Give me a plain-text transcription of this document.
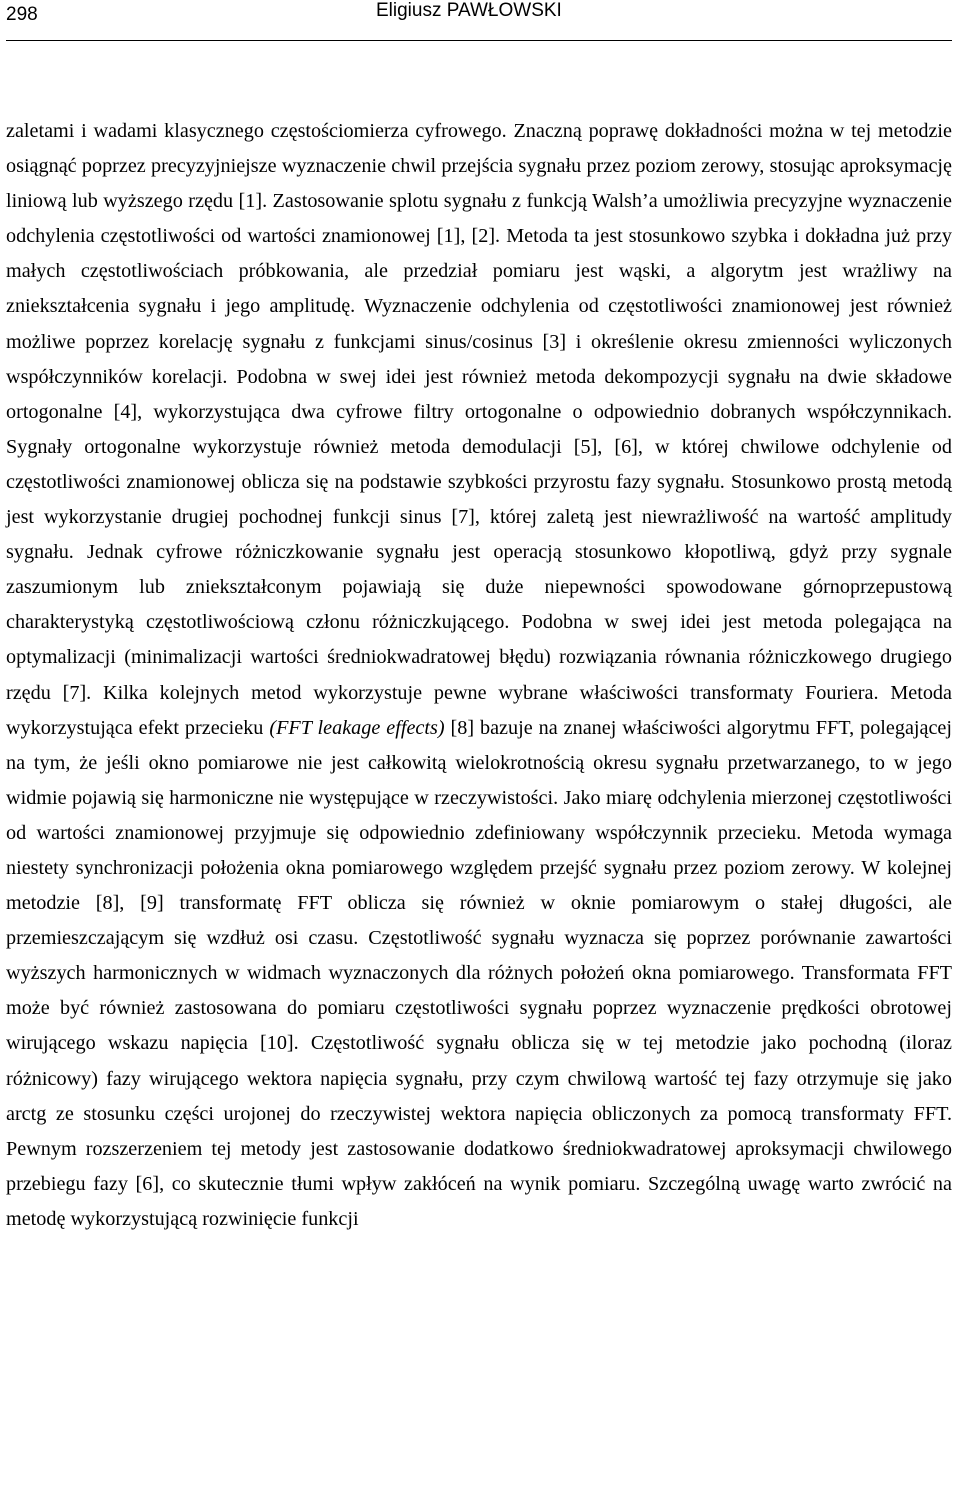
298	Eligiusz PAWŁOWSKI

zaletami i wadami klasycznego częstościomierza cyfrowego. Znaczną poprawę dokładności można w tej metodzie osiągnąć poprzez precyzyjniejsze wyznaczenie chwil przejścia sygnału przez poziom zerowy, stosując aproksymację liniową lub wyższego rzędu [1]. Zastosowanie splotu sygnału z funkcją Walsh’a umożliwia precyzyjne wyznaczenie odchylenia częstotliwości od wartości znamionowej [1], [2]. Metoda ta jest stosunkowo szybka i dokładna już przy małych częstotliwościach próbkowania, ale przedział pomiaru jest wąski, a algorytm jest wrażliwy na zniekształcenia sygnału i jego amplitudę. Wyznaczenie odchylenia od częstotliwości znamionowej jest również możliwe poprzez korelację sygnału z funkcjami sinus/cosinus [3] i określenie okresu zmienności wyliczonych współczynników korelacji. Podobna w swej idei jest również metoda dekompozycji sygnału na dwie składowe ortogonalne [4], wykorzystująca dwa cyfrowe filtry ortogonalne o odpowiednio dobranych współczynnikach. Sygnały ortogonalne wykorzystuje również metoda demodulacji [5], [6], w której chwilowe odchylenie od częstotliwości znamionowej oblicza się na podstawie szybkości przyrostu fazy sygnału. Stosunkowo prostą metodą jest wykorzystanie drugiej pochodnej funkcji sinus [7], której zaletą jest niewrażliwość na wartość amplitudy sygnału. Jednak cyfrowe różniczkowanie sygnału jest operacją stosunkowo kłopotliwą, gdyż przy sygnale zaszumionym lub zniekształconym pojawiają się duże niepewności spowodowane górnoprzepustową charakterystyką częstotliwościową członu różniczkującego. Podobna w swej idei jest metoda polegająca na optymalizacji (minimalizacji wartości średniokwadratowej błędu) rozwiązania równania różniczkowego drugiego rzędu [7]. Kilka kolejnych metod wykorzystuje pewne wybrane właściwości transformaty Fouriera. Metoda wykorzystująca efekt przecieku (FFT leakage effects) [8] bazuje na znanej właściwości algorytmu FFT, polegającej na tym, że jeśli okno pomiarowe nie jest całkowitą wielokrotnością okresu sygnału przetwarzanego, to w jego widmie pojawią się harmoniczne nie występujące w rzeczywistości. Jako miarę odchylenia mierzonej częstotliwości od wartości znamionowej przyjmuje się odpowiednio zdefiniowany współczynnik przecieku. Metoda wymaga niestety synchronizacji położenia okna pomiarowego względem przejść sygnału przez poziom zerowy. W kolejnej metodzie [8], [9] transformatę FFT oblicza się również w oknie pomiarowym o stałej długości, ale przemieszczającym się wzdłuż osi czasu. Częstotliwość sygnału wyznacza się poprzez porównanie zawartości wyższych harmonicznych w widmach wyznaczonych dla różnych położeń okna pomiarowego. Transformata FFT może być również zastosowana do pomiaru częstotliwości sygnału poprzez wyznaczenie prędkości obrotowej wirującego wskazu napięcia [10]. Częstotliwość sygnału oblicza się w tej metodzie jako pochodną (iloraz różnicowy) fazy wirującego wektora napięcia sygnału, przy czym chwilową wartość tej fazy otrzymuje się jako arctg ze stosunku części urojonej do rzeczywistej wektora napięcia obliczonych za pomocą transformaty FFT. Pewnym rozszerzeniem tej metody jest zastosowanie dodatkowo średniokwadratowej aproksymacji chwilowego przebiegu fazy [6], co skutecznie tłumi wpływ zakłóceń na wynik pomiaru. Szczególną uwagę warto zwrócić na metodę wykorzystującą rozwinięcie funkcji
